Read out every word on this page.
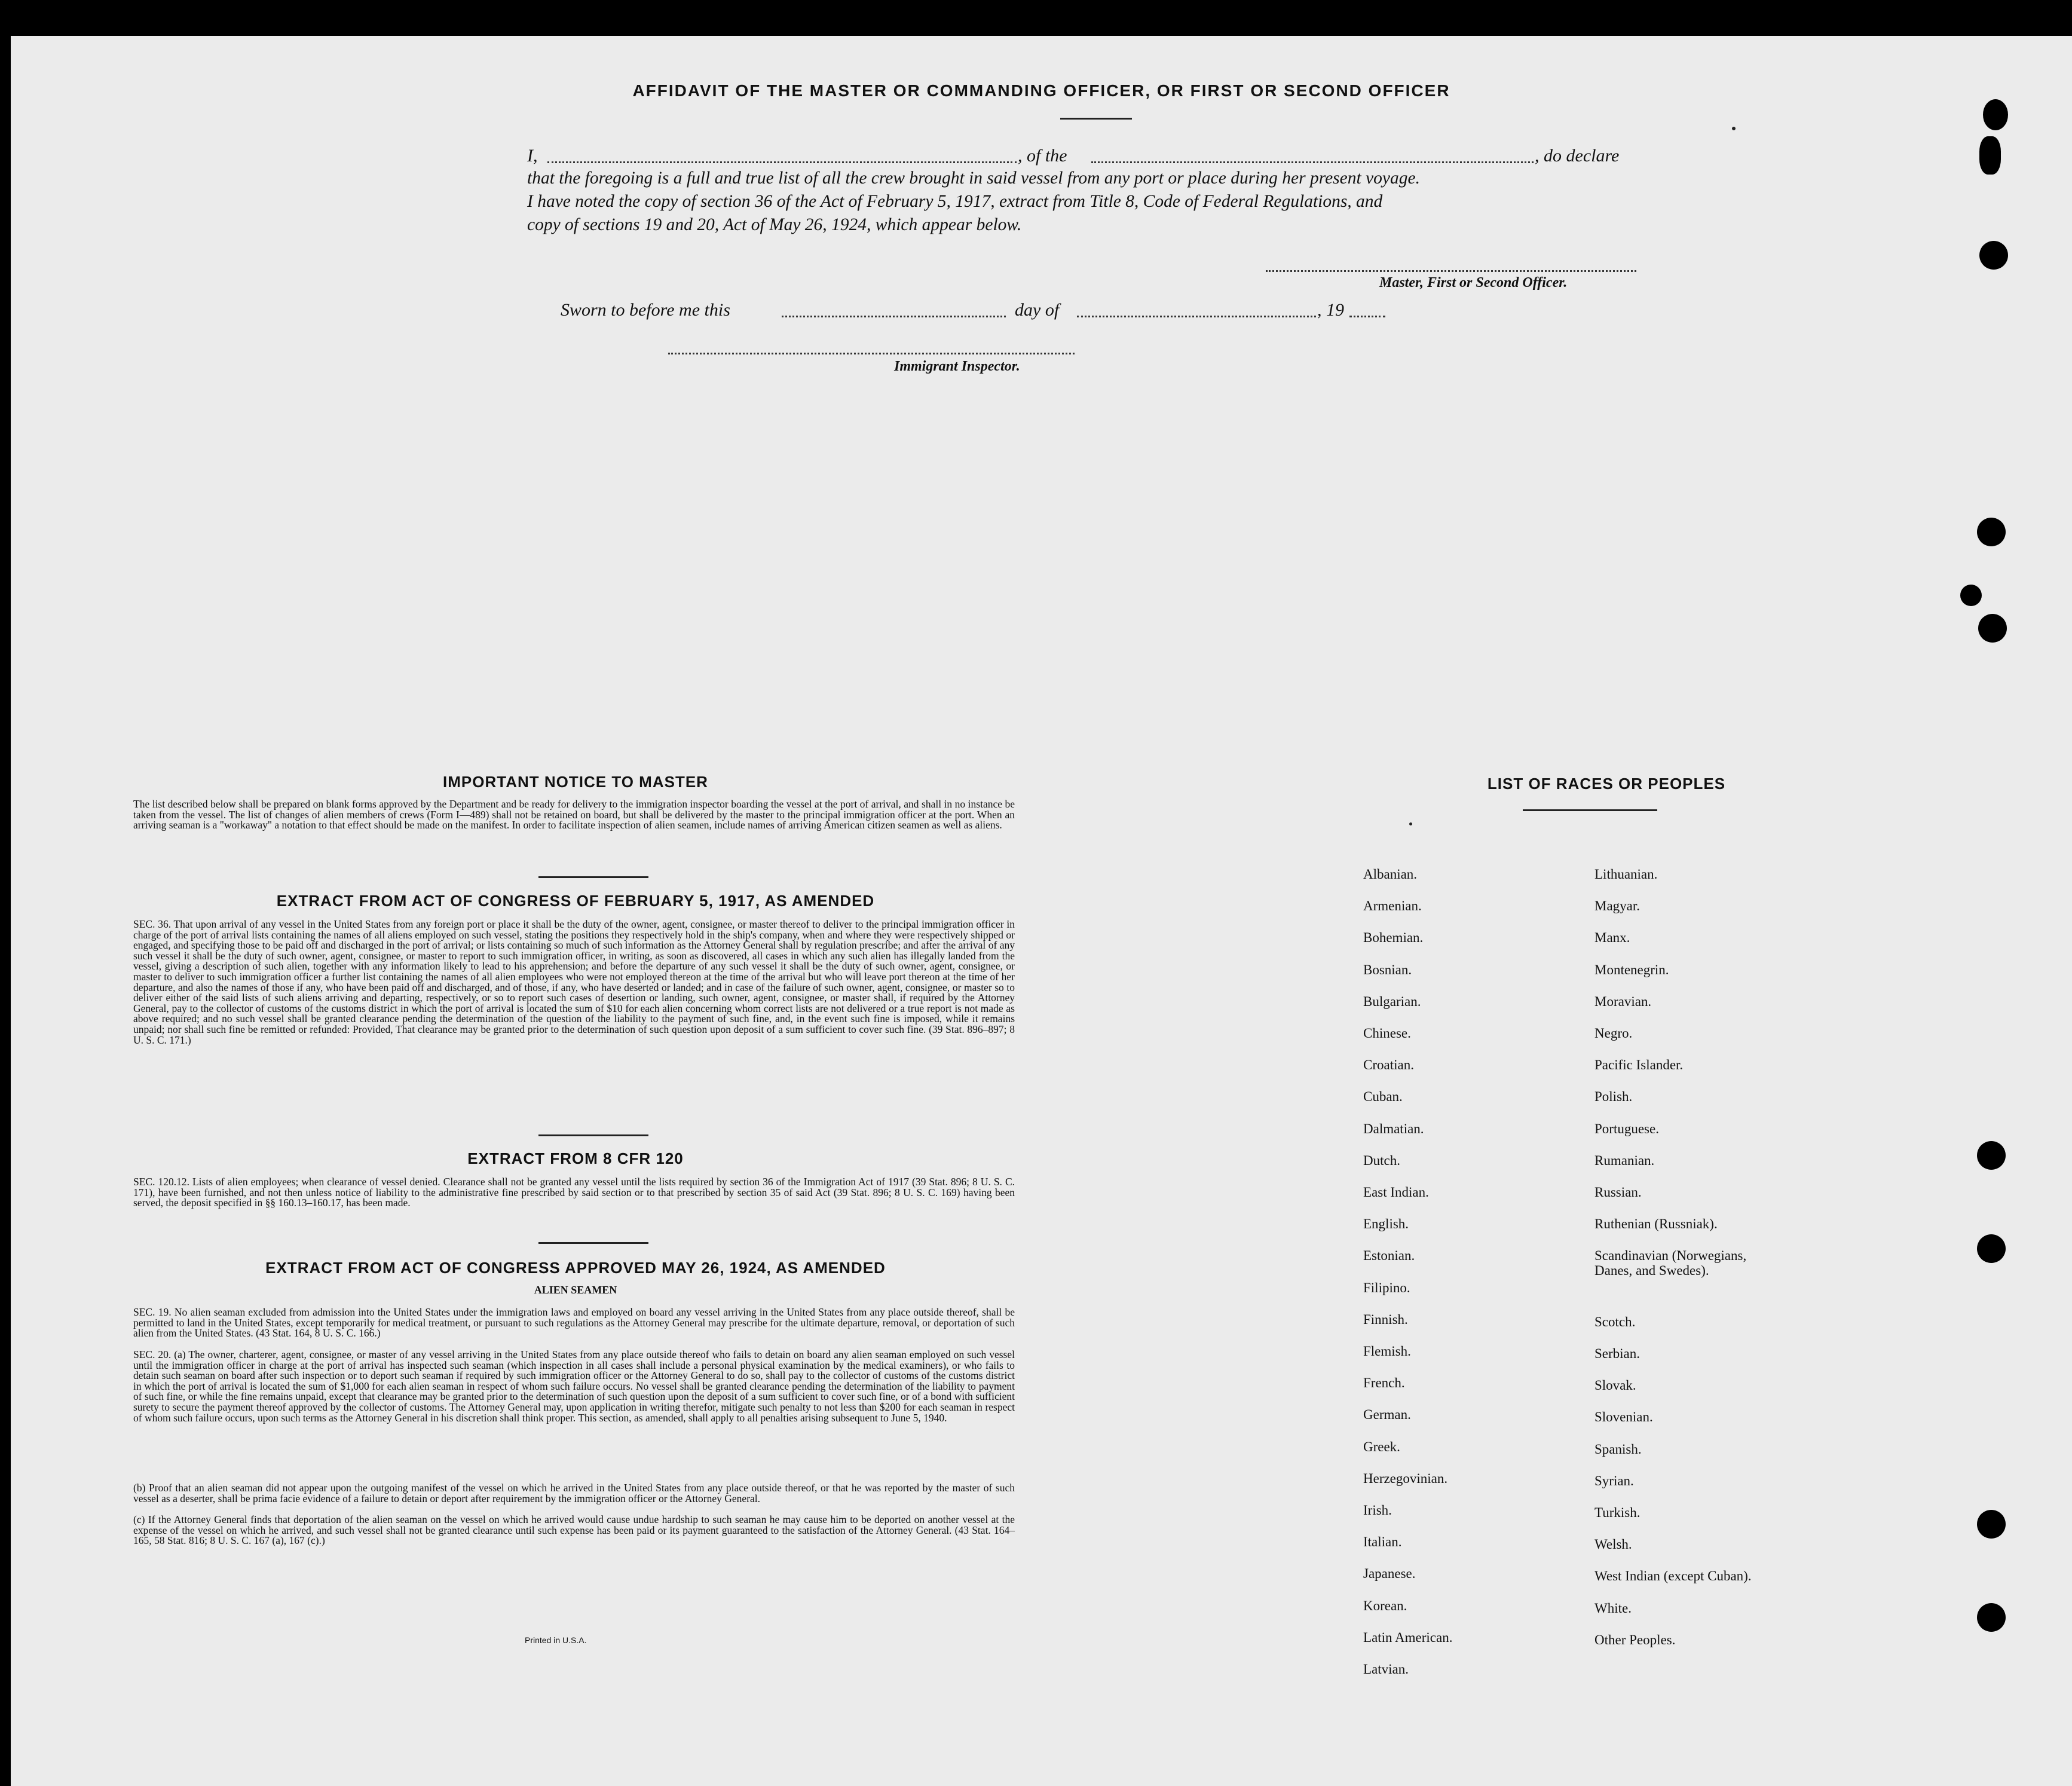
AFFIDAVIT OF THE MASTER OR COMMANDING OFFICER, OR FIRST OR SECOND OFFICER
I,	, of the	, do declare
that the foregoing is a full and true list of all the crew brought in said vessel from any port or place during her present voyage.
I have noted the copy of section 36 of the Act of February 5, 1917, extract from Title 8, Code of Federal Regulations, and
copy of sections 19 and 20, Act of May 26, 1924, which appear below.
Master, First or Second Officer.
Sworn to before me this	day of	, 19
Immigrant Inspector.
IMPORTANT NOTICE TO MASTER
The list described below shall be prepared on blank forms approved by the Department and be ready for delivery to the immigration inspector boarding the vessel at the port of arrival, and shall in no instance be taken from the vessel. The list of changes of alien members of crews (Form I—489) shall not be retained on board, but shall be delivered by the master to the principal immigration officer at the port. When an arriving seaman is a "workaway" a notation to that effect should be made on the manifest. In order to facilitate inspection of alien seamen, include names of arriving American citizen seamen as well as aliens.
EXTRACT FROM ACT OF CONGRESS OF FEBRUARY 5, 1917, AS AMENDED
SEC. 36. That upon arrival of any vessel in the United States from any foreign port or place it shall be the duty of the owner, agent, consignee, or master thereof to deliver to the principal immigration officer in charge of the port of arrival lists containing the names of all aliens employed on such vessel, stating the positions they respectively hold in the ship's company, when and where they were respectively shipped or engaged, and specifying those to be paid off and discharged in the port of arrival; or lists containing so much of such information as the Attorney General shall by regulation prescribe; and after the arrival of any such vessel it shall be the duty of such owner, agent, consignee, or master to report to such immigration officer, in writing, as soon as discovered, all cases in which any such alien has illegally landed from the vessel, giving a description of such alien, together with any information likely to lead to his apprehension; and before the departure of any such vessel it shall be the duty of such owner, agent, consignee, or master to deliver to such immigration officer a further list containing the names of all alien employees who were not employed thereon at the time of the arrival but who will leave port thereon at the time of her departure, and also the names of those if any, who have been paid off and discharged, and of those, if any, who have deserted or landed; and in case of the failure of such owner, agent, consignee, or master so to deliver either of the said lists of such aliens arriving and departing, respectively, or so to report such cases of desertion or landing, such owner, agent, consignee, or master shall, if required by the Attorney General, pay to the collector of customs of the customs district in which the port of arrival is located the sum of $10 for each alien concerning whom correct lists are not delivered or a true report is not made as above required; and no such vessel shall be granted clearance pending the determination of the question of the liability to the payment of such fine, and, in the event such fine is imposed, while it remains unpaid; nor shall such fine be remitted or refunded: Provided, That clearance may be granted prior to the determination of such question upon deposit of a sum sufficient to cover such fine. (39 Stat. 896–897; 8 U. S. C. 171.)
EXTRACT FROM 8 CFR 120
SEC. 120.12. Lists of alien employees; when clearance of vessel denied. Clearance shall not be granted any vessel until the lists required by section 36 of the Immigration Act of 1917 (39 Stat. 896; 8 U. S. C. 171), have been furnished, and not then unless notice of liability to the administrative fine prescribed by said section or to that prescribed by section 35 of said Act (39 Stat. 896; 8 U. S. C. 169) having been served, the deposit specified in §§ 160.13–160.17, has been made.
EXTRACT FROM ACT OF CONGRESS APPROVED MAY 26, 1924, AS AMENDED
ALIEN SEAMEN
SEC. 19. No alien seaman excluded from admission into the United States under the immigration laws and employed on board any vessel arriving in the United States from any place outside thereof, shall be permitted to land in the United States, except temporarily for medical treatment, or pursuant to such regulations as the Attorney General may prescribe for the ultimate departure, removal, or deportation of such alien from the United States. (43 Stat. 164, 8 U. S. C. 166.)
SEC. 20. (a) The owner, charterer, agent, consignee, or master of any vessel arriving in the United States from any place outside thereof who fails to detain on board any alien seaman employed on such vessel until the immigration officer in charge at the port of arrival has inspected such seaman (which inspection in all cases shall include a personal physical examination by the medical examiners), or who fails to detain such seaman on board after such inspection or to deport such seaman if required by such immigration officer or the Attorney General to do so, shall pay to the collector of customs of the customs district in which the port of arrival is located the sum of $1,000 for each alien seaman in respect of whom such failure occurs. No vessel shall be granted clearance pending the determination of the liability to payment of such fine, or while the fine remains unpaid, except that clearance may be granted prior to the determination of such question upon the deposit of a sum sufficient to cover such fine, or of a bond with sufficient surety to secure the payment thereof approved by the collector of customs. The Attorney General may, upon application in writing therefor, mitigate such penalty to not less than $200 for each seaman in respect of whom such failure occurs, upon such terms as the Attorney General in his discretion shall think proper. This section, as amended, shall apply to all penalties arising subsequent to June 5, 1940.
(b) Proof that an alien seaman did not appear upon the outgoing manifest of the vessel on which he arrived in the United States from any place outside thereof, or that he was reported by the master of such vessel as a deserter, shall be prima facie evidence of a failure to detain or deport after requirement by the immigration officer or the Attorney General.
(c) If the Attorney General finds that deportation of the alien seaman on the vessel on which he arrived would cause undue hardship to such seaman he may cause him to be deported on another vessel at the expense of the vessel on which he arrived, and such vessel shall not be granted clearance until such expense has been paid or its payment guaranteed to the satisfaction of the Attorney General. (43 Stat. 164–165, 58 Stat. 816; 8 U. S. C. 167 (a), 167 (c).)
Printed in U.S.A.
LIST OF RACES OR PEOPLES
Albanian.
Armenian.
Bohemian.
Bosnian.
Bulgarian.
Chinese.
Croatian.
Cuban.
Dalmatian.
Dutch.
East Indian.
English.
Estonian.
Filipino.
Finnish.
Flemish.
French.
German.
Greek.
Herzegovinian.
Irish.
Italian.
Japanese.
Korean.
Latin American.
Latvian.
Lithuanian.
Magyar.
Manx.
Montenegrin.
Moravian.
Negro.
Pacific Islander.
Polish.
Portuguese.
Rumanian.
Russian.
Ruthenian (Russniak).
Scandinavian (Norwegians,
Danes, and Swedes).
Scotch.
Serbian.
Slovak.
Slovenian.
Spanish.
Syrian.
Turkish.
Welsh.
West Indian (except Cuban).
White.
Other Peoples.
